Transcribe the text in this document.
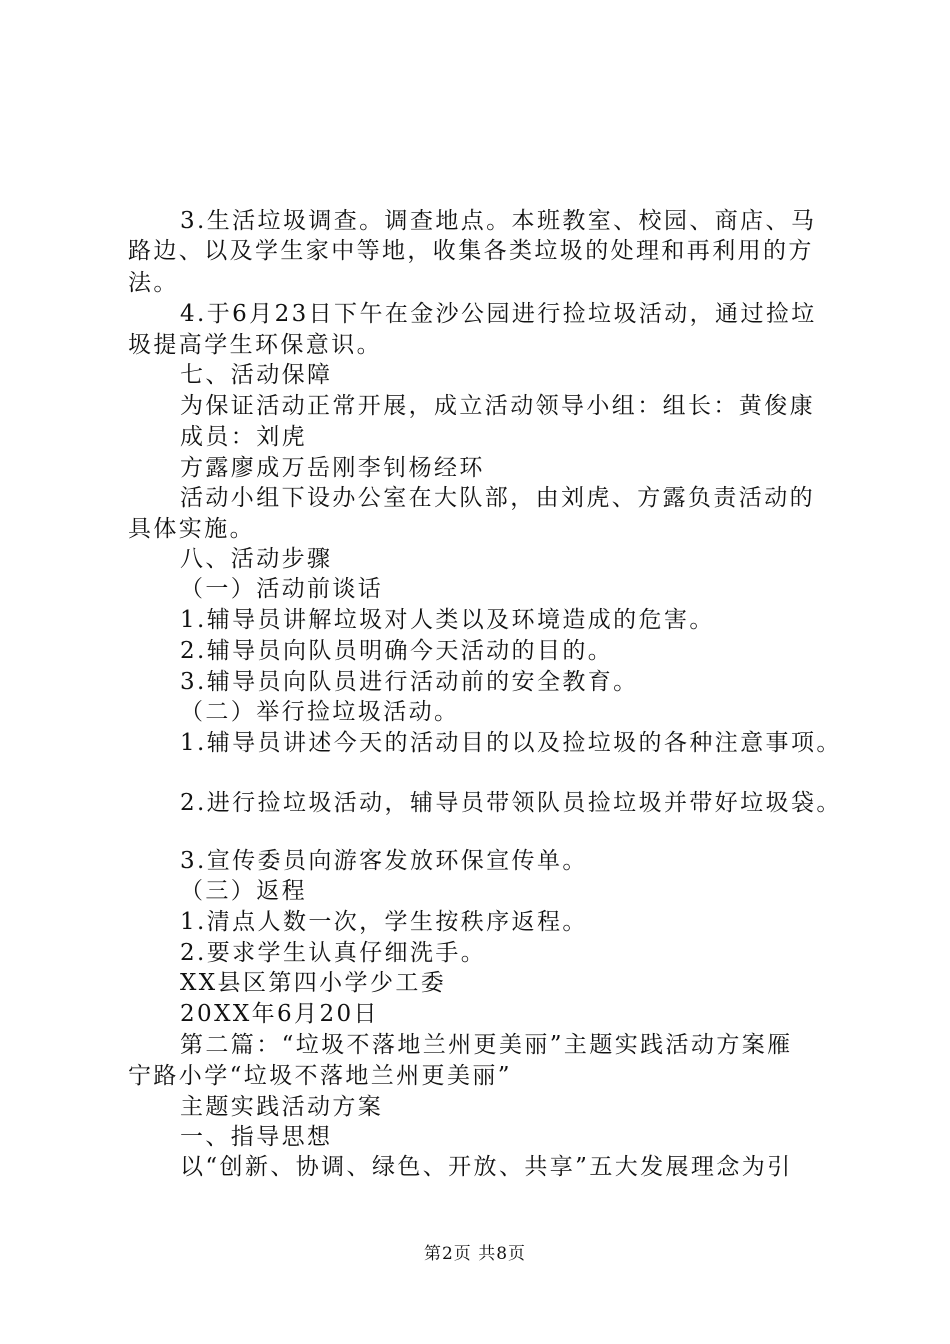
3.生活垃圾调查。调查地点。本班教室、校园、商店、马
路边、以及学生家中等地，收集各类垃圾的处理和再利用的方
法。
4.于6月23日下午在金沙公园进行捡垃圾活动，通过捡垃
圾提高学生环保意识。
七、活动保障
为保证活动正常开展，成立活动领导小组：组长：黄俊康
成员：刘虎
方露廖成万岳刚李钊杨经环
活动小组下设办公室在大队部，由刘虎、方露负责活动的
具体实施。
八、活动步骤
（一）活动前谈话
1.辅导员讲解垃圾对人类以及环境造成的危害。
2.辅导员向队员明确今天活动的目的。
3.辅导员向队员进行活动前的安全教育。
（二）举行捡垃圾活动。
1.辅导员讲述今天的活动目的以及捡垃圾的各种注意事项。
2.进行捡垃圾活动，辅导员带领队员捡垃圾并带好垃圾袋。
3.宣传委员向游客发放环保宣传单。
（三）返程
1.清点人数一次，学生按秩序返程。
2.要求学生认真仔细洗手。
XX县区第四小学少工委
20XX年6月20日
第二篇：“垃圾不落地兰州更美丽”主题实践活动方案雁
宁路小学“垃圾不落地兰州更美丽”
主题实践活动方案
一、指导思想
以“创新、协调、绿色、开放、共享”五大发展理念为引
第2页 共8页
